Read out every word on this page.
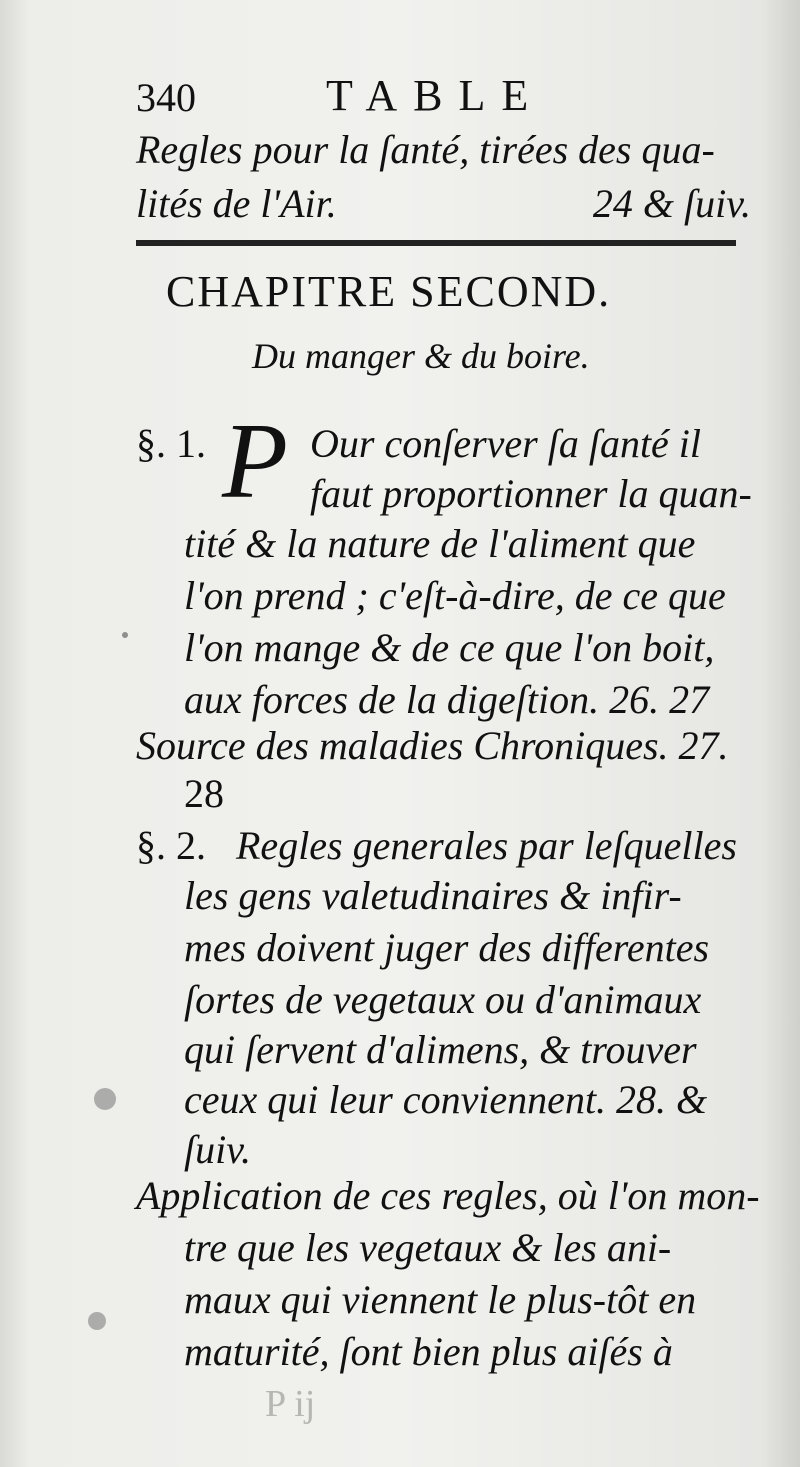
340	TABLE
Regles pour la ſanté, tirées des qua-
lités de l'Air.	24 & ſuiv.
CHAPITRE SECOND.
Du manger & du boire.
§. 1. P Our conſerver ſa ſanté il
faut proportionner la quan-
tité & la nature de l'aliment que
l'on prend ; c'eſt-à-dire, de ce que
l'on mange & de ce que l'on boit,
aux forces de la digeſtion. 26. 27
Source des maladies Chroniques. 27.
28
§. 2. Regles generales par leſquelles
les gens valetudinaires & infir-
mes doivent juger des differentes
ſortes de vegetaux ou d'animaux
qui ſervent d'alimens, & trouver
ceux qui leur conviennent. 28. &
ſuiv.
Application de ces regles, où l'on mon-
tre que les vegetaux & les ani-
maux qui viennent le plus-tôt en
maturité, ſont bien plus aiſés à
P ij
